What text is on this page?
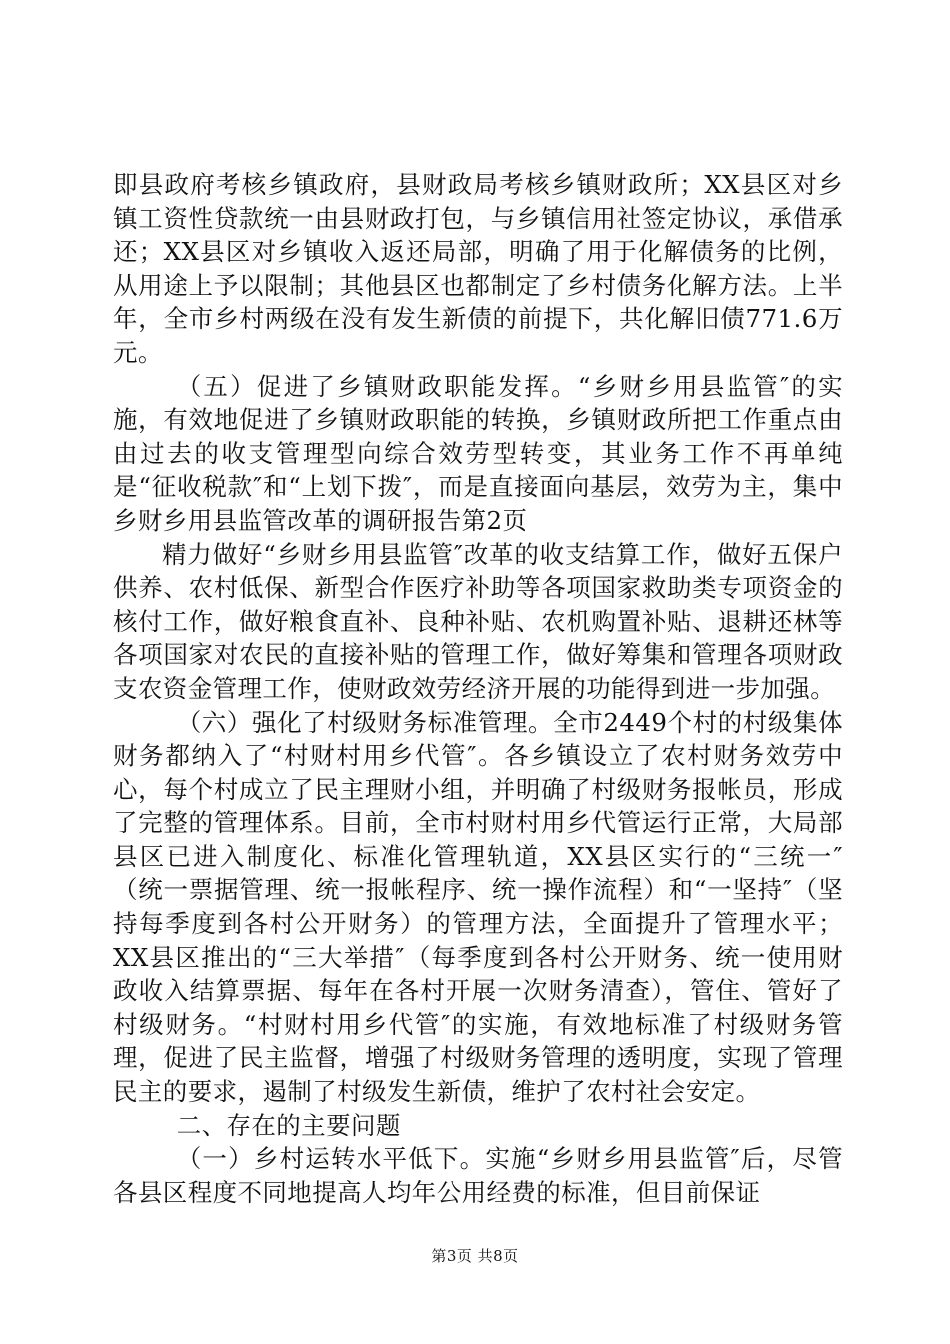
即县政府考核乡镇政府，县财政局考核乡镇财政所；XX县区对乡镇工资性贷款统一由县财政打包，与乡镇信用社签定协议，承借承还；XX县区对乡镇收入返还局部，明确了用于化解债务的比例，从用途上予以限制；其他县区也都制定了乡村债务化解方法。上半年，全市乡村两级在没有发生新债的前提下，共化解旧债771.6万元。

（五）促进了乡镇财政职能发挥。“乡财乡用县监管″的实施，有效地促进了乡镇财政职能的转换，乡镇财政所把工作重点由由过去的收支管理型向综合效劳型转变，其业务工作不再单纯是“征收税款″和“上划下拨″，而是直接面向基层，效劳为主，集中乡财乡用县监管改革的调研报告第2页

精力做好“乡财乡用县监管″改革的收支结算工作，做好五保户供养、农村低保、新型合作医疗补助等各项国家救助类专项资金的核付工作，做好粮食直补、良种补贴、农机购置补贴、退耕还林等各项国家对农民的直接补贴的管理工作，做好筹集和管理各项财政支农资金管理工作，使财政效劳经济开展的功能得到进一步加强。

（六）强化了村级财务标准管理。全市2449个村的村级集体财务都纳入了“村财村用乡代管″。各乡镇设立了农村财务效劳中心，每个村成立了民主理财小组，并明确了村级财务报帐员，形成了完整的管理体系。目前，全市村财村用乡代管运行正常，大局部县区已进入制度化、标准化管理轨道，XX县区实行的“三统一″（统一票据管理、统一报帐程序、统一操作流程）和“一坚持″（坚持每季度到各村公开财务）的管理方法，全面提升了管理水平；XX县区推出的“三大举措″（每季度到各村公开财务、统一使用财政收入结算票据、每年在各村开展一次财务清查），管住、管好了村级财务。“村财村用乡代管″的实施，有效地标准了村级财务管理，促进了民主监督，增强了村级财务管理的透明度，实现了管理民主的要求，遏制了村级发生新债，维护了农村社会安定。

二、存在的主要问题

（一）乡村运转水平低下。实施“乡财乡用县监管″后，尽管各县区程度不同地提高人均年公用经费的标准，但目前保证

第3页 共8页
